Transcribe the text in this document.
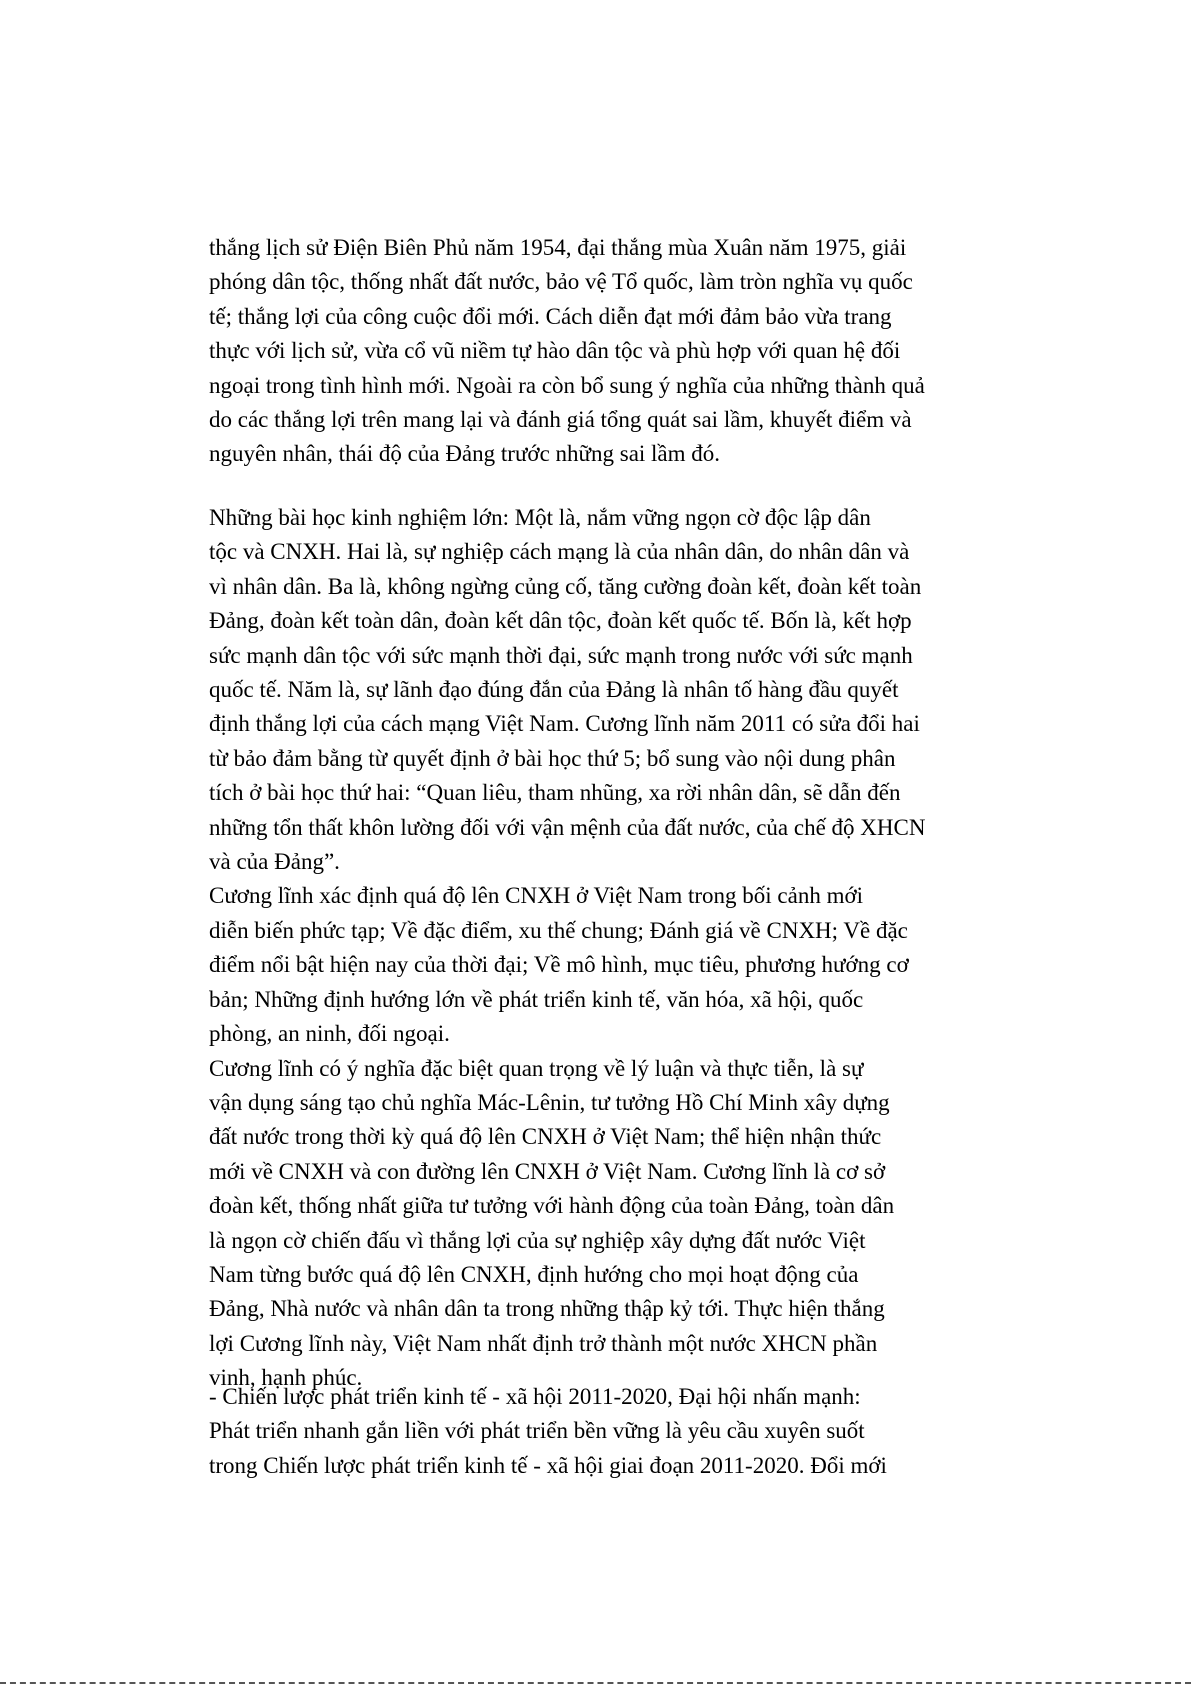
thắng lịch sử Điện Biên Phủ năm 1954, đại thắng mùa Xuân năm 1975, giải
phóng dân tộc, thống nhất đất nước, bảo vệ Tổ quốc, làm tròn nghĩa vụ quốc
tế; thắng lợi của công cuộc đổi mới. Cách diễn đạt mới đảm bảo vừa trang
thực với lịch sử, vừa cổ vũ niềm tự hào dân tộc và phù hợp với quan hệ đối
ngoại trong tình hình mới. Ngoài ra còn bổ sung ý nghĩa của những thành quả
do các thắng lợi trên mang lại và đánh giá tổng quát sai lầm, khuyết điểm và
nguyên nhân, thái độ của Đảng trước những sai lầm đó.
Những bài học kinh nghiệm lớn: Một là, nắm vững ngọn cờ độc lập dân
tộc và CNXH. Hai là, sự nghiệp cách mạng là của nhân dân, do nhân dân và
vì nhân dân. Ba là, không ngừng củng cố, tăng cường đoàn kết, đoàn kết toàn
Đảng, đoàn kết toàn dân, đoàn kết dân tộc, đoàn kết quốc tế. Bốn là, kết hợp
sức mạnh dân tộc với sức mạnh thời đại, sức mạnh trong nước với sức mạnh
quốc tế. Năm là, sự lãnh đạo đúng đắn của Đảng là nhân tố hàng đầu quyết
định thắng lợi của cách mạng Việt Nam. Cương lĩnh năm 2011 có sửa đổi hai
từ bảo đảm bằng từ quyết định ở bài học thứ 5; bổ sung vào nội dung phân
tích ở bài học thứ hai: “Quan liêu, tham nhũng, xa rời nhân dân, sẽ dẫn đến
những tổn thất khôn lường đối với vận mệnh của đất nước, của chế độ XHCN
và của Đảng”.
Cương lĩnh xác định quá độ lên CNXH ở Việt Nam trong bối cảnh mới
diễn biến phức tạp; Về đặc điểm, xu thế chung; Đánh giá về CNXH; Về đặc
điểm nổi bật hiện nay của thời đại; Về mô hình, mục tiêu, phương hướng cơ
bản; Những định hướng lớn về phát triển kinh tế, văn hóa, xã hội, quốc
phòng, an ninh, đối ngoại.
Cương lĩnh có ý nghĩa đặc biệt quan trọng về lý luận và thực tiễn, là sự
vận dụng sáng tạo chủ nghĩa Mác-Lênin, tư tưởng Hồ Chí Minh xây dựng
đất nước trong thời kỳ quá độ lên CNXH ở Việt Nam; thể hiện nhận thức
mới về CNXH và con đường lên CNXH ở Việt Nam. Cương lĩnh là cơ sở
đoàn kết, thống nhất giữa tư tưởng với hành động của toàn Đảng, toàn dân
là ngọn cờ chiến đấu vì thắng lợi của sự nghiệp xây dựng đất nước Việt
Nam từng bước quá độ lên CNXH, định hướng cho mọi hoạt động của
Đảng, Nhà nước và nhân dân ta trong những thập kỷ tới. Thực hiện thắng
lợi Cương lĩnh này, Việt Nam nhất định trở thành một nước XHCN phần
vinh, hạnh phúc.
- Chiến lược phát triển kinh tế - xã hội 2011-2020, Đại hội nhấn mạnh:
Phát triển nhanh gắn liền với phát triển bền vững là yêu cầu xuyên suốt
trong Chiến lược phát triển kinh tế - xã hội giai đoạn 2011-2020. Đổi mới
